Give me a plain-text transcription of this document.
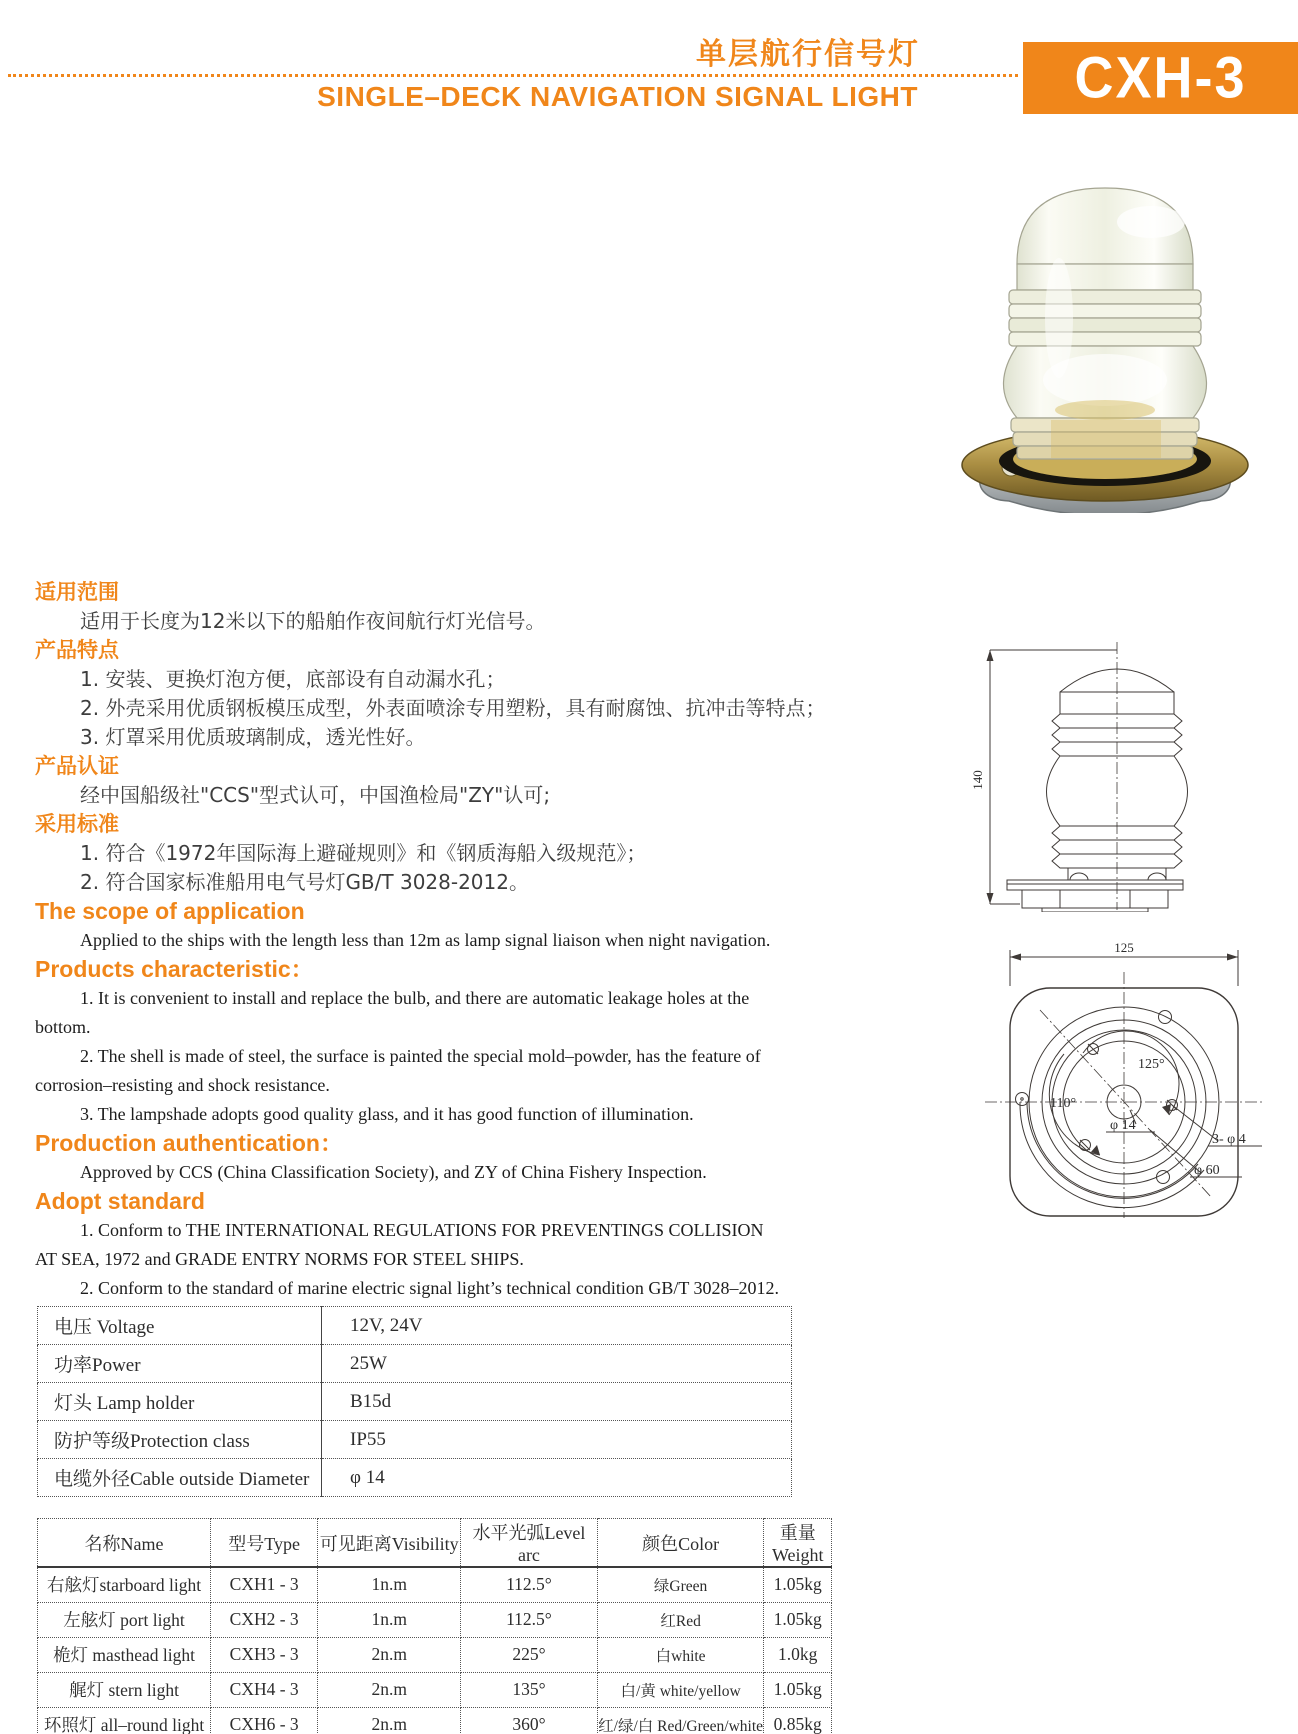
单层航行信号灯
SINGLE–DECK NAVIGATION SIGNAL LIGHT	CXH-3
适用范围
适用于长度为12米以下的船舶作夜间航行灯光信号。
产品特点
1. 安装、更换灯泡方便，底部设有自动漏水孔；
2. 外壳采用优质钢板模压成型，外表面喷涂专用塑粉，具有耐腐蚀、抗冲击等特点；
3. 灯罩采用优质玻璃制成，透光性好。
产品认证
经中国船级社"CCS"型式认可，中国渔检局"ZY"认可;
采用标准
1. 符合《1972年国际海上避碰规则》和《钢质海船入级规范》；
2. 符合国家标准船用电气号灯GB/T 3028-2012。
The scope of application
Applied to the ships with the length less than 12m as lamp signal liaison when night navigation.
Products characteristic：
1. It is convenient to install and replace the bulb, and there are automatic leakage holes at the
bottom.
2. The shell is made of steel, the surface is painted the special mold–powder, has the feature of
corrosion–resisting and shock resistance.
3. The lampshade adopts good quality glass, and it has good function of illumination.
Production authentication：
Approved by CCS (China Classification Society), and ZY of China Fishery Inspection.
Adopt standard
1. Conform to THE INTERNATIONAL REGULATIONS FOR PREVENTINGS COLLISION
AT SEA, 1972 and GRADE ENTRY NORMS FOR STEEL SHIPS.
2. Conform to the standard of marine electric signal light’s technical condition GB/T 3028–2012.
140
125
125°
110°
φ 14
3- φ 4
φ 60
电压 Voltage	12V, 24V
功率Power	25W
灯头 Lamp holder	B15d
防护等级Protection class	IP55
电缆外径Cable outside Diameter	φ 14
名称Name	型号Type	可见距离Visibility	水平光弧Level arc	颜色Color	重量Weight
右舷灯starboard light	CXH1 - 3	1n.m	112.5°	绿Green	1.05kg
左舷灯 port light	CXH2 - 3	1n.m	112.5°	红Red	1.05kg
桅灯 masthead light	CXH3 - 3	2n.m	225°	白white	1.0kg
艉灯 stern light	CXH4 - 3	2n.m	135°	白/黄 white/yellow	1.05kg
环照灯 all–round light	CXH6 - 3	2n.m	360°	红/绿/白 Red/Green/white	0.85kg
